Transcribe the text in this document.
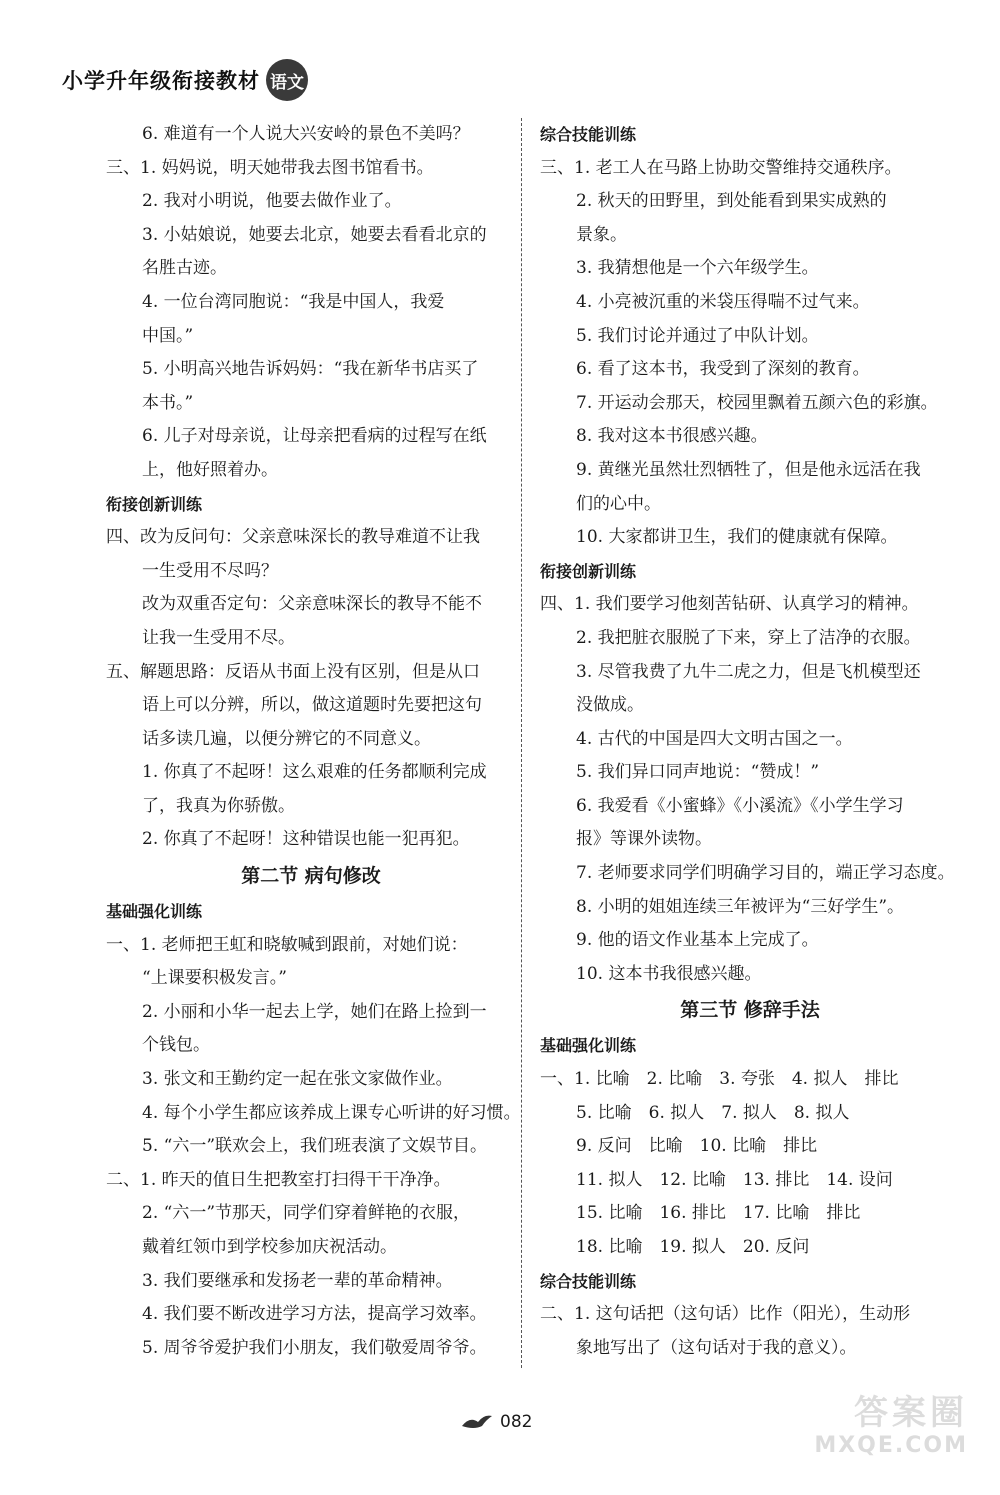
小学升年级衔接教材 语文
6. 难道有一个人说大兴安岭的景色不美吗？
三、1. 妈妈说，明天她带我去图书馆看书。
2. 我对小明说，他要去做作业了。
3. 小姑娘说，她要去北京，她要去看看北京的
名胜古迹。
4. 一位台湾同胞说：“我是中国人，我爱
中国。”
5. 小明高兴地告诉妈妈：“我在新华书店买了
本书。”
6. 儿子对母亲说，让母亲把看病的过程写在纸
上，他好照着办。
衔接创新训练
四、改为反问句：父亲意味深长的教导难道不让我
一生受用不尽吗？
改为双重否定句：父亲意味深长的教导不能不
让我一生受用不尽。
五、解题思路：反语从书面上没有区别，但是从口
语上可以分辨，所以，做这道题时先要把这句
话多读几遍，以便分辨它的不同意义。
1. 你真了不起呀！这么艰难的任务都顺利完成
了，我真为你骄傲。
2. 你真了不起呀！这种错误也能一犯再犯。
第二节 病句修改
基础强化训练
一、1. 老师把王虹和晓敏喊到跟前，对她们说：
“上课要积极发言。”
2. 小丽和小华一起去上学，她们在路上捡到一
个钱包。
3. 张文和王勤约定一起在张文家做作业。
4. 每个小学生都应该养成上课专心听讲的好习惯。
5. “六一”联欢会上，我们班表演了文娱节目。
二、1. 昨天的值日生把教室打扫得干干净净。
2. “六一”节那天，同学们穿着鲜艳的衣服，
戴着红领巾到学校参加庆祝活动。
3. 我们要继承和发扬老一辈的革命精神。
4. 我们要不断改进学习方法，提高学习效率。
5. 周爷爷爱护我们小朋友，我们敬爱周爷爷。
综合技能训练
三、1. 老工人在马路上协助交警维持交通秩序。
2. 秋天的田野里，到处能看到果实成熟的
景象。
3. 我猜想他是一个六年级学生。
4. 小亮被沉重的米袋压得喘不过气来。
5. 我们讨论并通过了中队计划。
6. 看了这本书，我受到了深刻的教育。
7. 开运动会那天，校园里飘着五颜六色的彩旗。
8. 我对这本书很感兴趣。
9. 黄继光虽然壮烈牺牲了，但是他永远活在我
们的心中。
10. 大家都讲卫生，我们的健康就有保障。
衔接创新训练
四、1. 我们要学习他刻苦钻研、认真学习的精神。
2. 我把脏衣服脱了下来，穿上了洁净的衣服。
3. 尽管我费了九牛二虎之力，但是飞机模型还
没做成。
4. 古代的中国是四大文明古国之一。
5. 我们异口同声地说：“赞成！”
6. 我爱看《小蜜蜂》《小溪流》《小学生学习
报》等课外读物。
7. 老师要求同学们明确学习目的，端正学习态度。
8. 小明的姐姐连续三年被评为“三好学生”。
9. 他的语文作业基本上完成了。
10. 这本书我很感兴趣。
第三节 修辞手法
基础强化训练
一、1. 比喻　2. 比喻　3. 夸张　4. 拟人　排比
5. 比喻　6. 拟人　7. 拟人　8. 拟人
9. 反问　比喻　10. 比喻　排比
11. 拟人　12. 比喻　13. 排比　14. 设问
15. 比喻　16. 排比　17. 比喻　排比
18. 比喻　19. 拟人　20. 反问
综合技能训练
二、1. 这句话把（这句话）比作（阳光），生动形
象地写出了（这句话对于我的意义）。
082	答案圈
MXQE.COM
